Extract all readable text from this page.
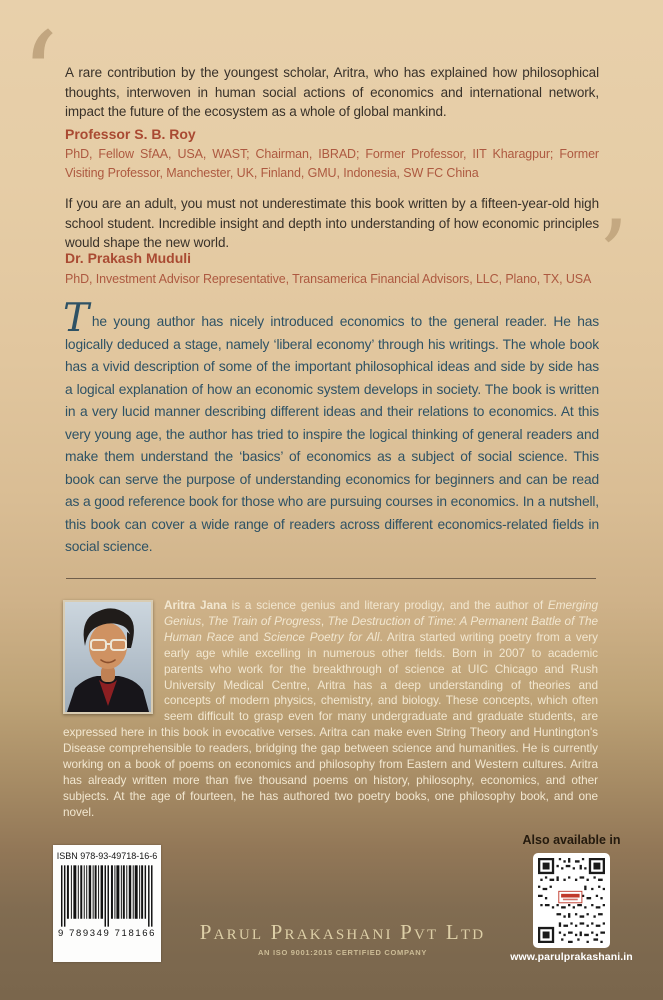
‘
’
A rare contribution by the youngest scholar, Aritra, who has explained how philosophical thoughts, interwoven in human social actions of economics and international network, impact the future of the ecosystem as a whole of global mankind.
Professor S. B. Roy
PhD, Fellow SfAA, USA, WAST; Chairman, IBRAD; Former Professor, IIT Kharagpur; Former Visiting Professor, Manchester, UK, Finland, GMU, Indonesia, SW FC China
If you are an adult, you must not underestimate this book written by a fifteen-year-old high school student. Incredible insight and depth into understanding of how economic principles would shape the new world.
Dr. Prakash Muduli
PhD, Investment Advisor Representative, Transamerica Financial Advisors, LLC, Plano, TX, USA
The young author has nicely introduced economics to the general reader. He has logically deduced a stage, namely ‘liberal economy’ through his writings. The whole book has a vivid description of some of the important philosophical ideas and side by side has a logical explanation of how an economic system develops in society. The book is written in a very lucid manner describing different ideas and their relations to economics. At this very young age, the author has tried to inspire the logical thinking of general readers and make them understand the ‘basics’ of economics as a subject of social science. This book can serve the purpose of understanding economics for beginners and can be read as a good reference book for those who are pursuing courses in economics. In a nutshell, this book can cover a wide range of readers across different economics-related fields in social science.
Aritra Jana is a science genius and literary prodigy, and the author of Emerging Genius, The Train of Progress, The Destruction of Time: A Permanent Battle of The Human Race and Science Poetry for All. Aritra started writing poetry from a very early age while excelling in numerous other fields. Born in 2007 to academic parents who work for the breakthrough of science at UIC Chicago and Rush University Medical Centre, Aritra has a deep understanding of theories and concepts of modern physics, chemistry, and biology. These concepts, which often seem difficult to grasp even for many undergraduate and graduate students, are expressed here in this book in evocative verses. Aritra can make even String Theory and Huntington's Disease comprehensible to readers, bridging the gap between science and humanities. He is currently working on a book of poems on economics and philosophy from Eastern and Western cultures. Aritra has already written more than five thousand poems on history, philosophy, economics, and other subjects. At the age of fourteen, he has authored two poetry books, one philosophy book, and one novel.
ISBN 978-93-49718-16-6
9 789349 718166	Parul Prakashani Pvt Ltd
AN ISO 9001:2015 CERTIFIED COMPANY
Also available in
www.parulprakashani.in
